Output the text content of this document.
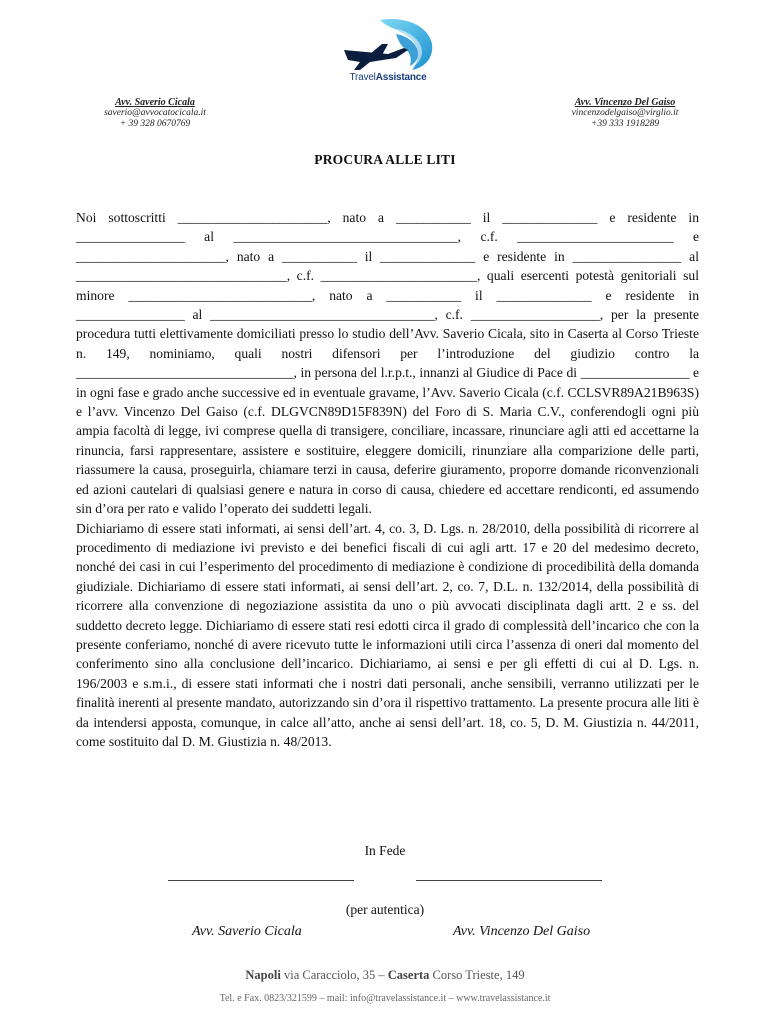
TravelAssistance
Avv. Saverio Cicala
saverio@avvocatocicala.it
+ 39 328 0670769
Avv. Vincenzo Del Gaiso
vincenzodelgaiso@virglio.it
+39 333 1918289
PROCURA ALLE LITI

Noi sottoscritti ______________________, nato a ___________ il ______________ e residente in ________________ al _________________________________, c.f. _______________________ e ______________________, nato a ___________ il ______________ e residente in ________________ al _______________________________, c.f. _______________________, quali esercenti potestà genitoriali sul minore ___________________________, nato a ___________ il ______________ e residente in ________________ al _________________________________, c.f. ___________________, per la presente procedura tutti elettivamente domiciliati presso lo studio dell’Avv. Saverio Cicala, sito in Caserta al Corso Trieste n. 149, nominiamo, quali nostri difensori per l’introduzione del giudizio contro la ________________________________, in persona del l.r.p.t., innanzi al Giudice di Pace di ________________ e in ogni fase e grado anche successive ed in eventuale gravame, l’Avv. Saverio Cicala (c.f. CCLSVR89A21B963S) e l’avv. Vincenzo Del Gaiso (c.f. DLGVCN89D15F839N) del Foro di S. Maria C.V., conferendogli ogni più ampia facoltà di legge, ivi comprese quella di transigere, conciliare, incassare, rinunciare agli atti ed accettarne la rinuncia, farsi rappresentare, assistere e sostituire, eleggere domicili, rinunziare alla comparizione delle parti, riassumere la causa, proseguirla, chiamare terzi in causa, deferire giuramento, proporre domande riconvenzionali ed azioni cautelari di qualsiasi genere e natura in corso di causa, chiedere ed accettare rendiconti, ed assumendo sin d’ora per rato e valido l’operato dei suddetti legali.

Dichiariamo di essere stati informati, ai sensi dell’art. 4, co. 3, D. Lgs. n. 28/2010, della possibilità di ricorrere al procedimento di mediazione ivi previsto e dei benefici fiscali di cui agli artt. 17 e 20 del medesimo decreto, nonché dei casi in cui l’esperimento del procedimento di mediazione è condizione di procedibilità della domanda giudiziale. Dichiariamo di essere stati informati, ai sensi dell’art. 2, co. 7, D.L. n. 132/2014, della possibilità di ricorrere alla convenzione di negoziazione assistita da uno o più avvocati disciplinata dagli artt. 2 e ss. del suddetto decreto legge. Dichiariamo di essere stati resi edotti circa il grado di complessità dell’incarico che con la presente conferiamo, nonché di avere ricevuto tutte le informazioni utili circa l’assenza di oneri dal momento del conferimento sino alla conclusione dell’incarico. Dichiariamo, ai sensi e per gli effetti di cui al D. Lgs. n. 196/2003 e s.m.i., di essere stati informati che i nostri dati personali, anche sensibili, verranno utilizzati per le finalità inerenti al presente mandato, autorizzando sin d’ora il rispettivo trattamento. La presente procura alle liti è da intendersi apposta, comunque, in calce all’atto, anche ai sensi dell’art. 18, co. 5, D. M. Giustizia n. 44/2011, come sostituito dal D. M. Giustizia n. 48/2013.

In Fede
(per autentica)
Avv. Saverio Cicala	Avv. Vincenzo Del Gaiso
Napoli via Caracciolo, 35 – Caserta Corso Trieste, 149
Tel. e Fax. 0823/321599 – mail: info@travelassistance.it – www.travelassistance.it
